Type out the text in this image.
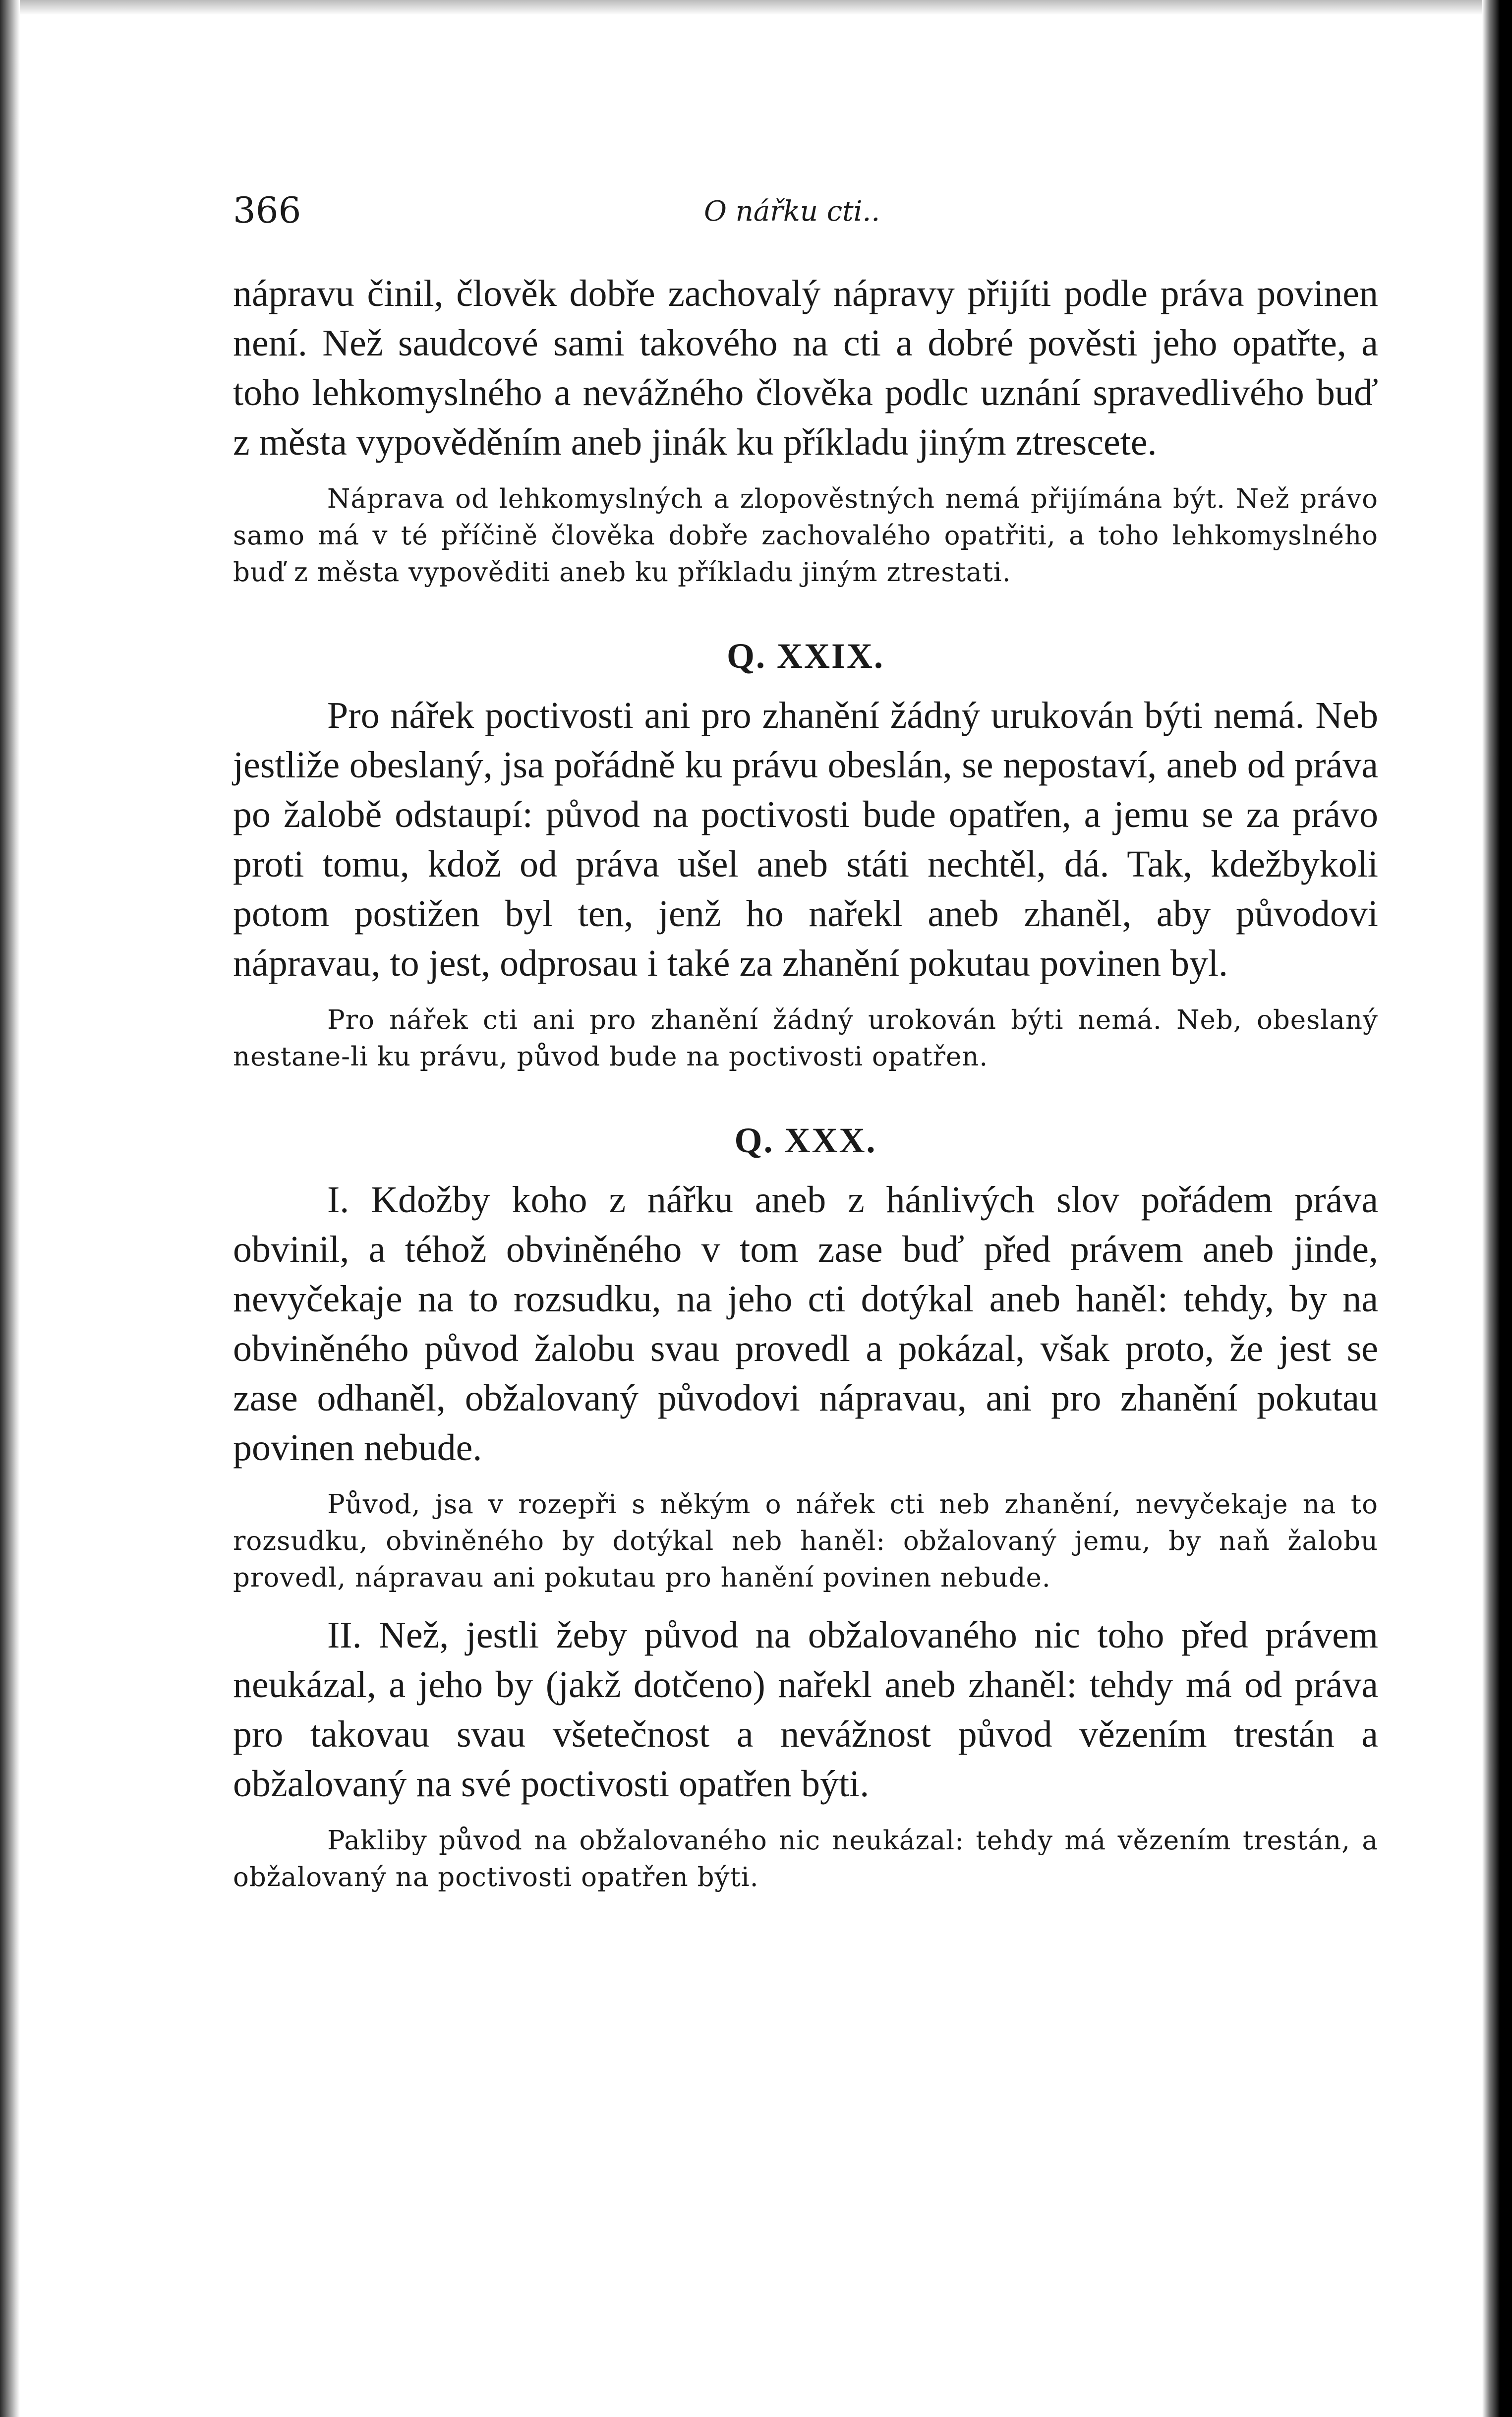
366	O nářku cti..

nápravu činil, člověk dobře zachovalý nápravy přijíti podle práva povinen není. Než saudcové sami takového na cti a dobré pověsti jeho opatřte, a toho lehkomyslného a nevážného člověka podlc uznání spravedlivého buď z města vypověděním aneb jinák ku příkladu jiným ztrescete.

Náprava od lehkomyslných a zlopověstných nemá přijímána být. Než právo samo má v té příčině člověka dobře zachovalého opatřiti, a toho lehkomyslného buď z města vypověditi aneb ku příkladu jiným ztrestati.

Q. XXIX.

Pro nářek poctivosti ani pro zhanění žádný urukován býti nemá. Neb jestliže obeslaný, jsa pořádně ku právu obeslán, se nepostaví, aneb od práva po žalobě odstaupí: původ na poctivosti bude opatřen, a jemu se za právo proti tomu, kdož od práva ušel aneb státi nechtěl, dá. Tak, kdežbykoli potom postižen byl ten, jenž ho nařekl aneb zhaněl, aby původovi nápravau, to jest, odprosau i také za zhanění pokutau povinen byl.

Pro nářek cti ani pro zhanění žádný urokován býti nemá. Neb, obeslaný nestane-li ku právu, původ bude na poctivosti opatřen.

Q. XXX.

I. Kdožby koho z nářku aneb z hánlivých slov pořádem práva obvinil, a téhož obviněného v tom zase buď před právem aneb jinde, nevyčekaje na to rozsudku, na jeho cti dotýkal aneb haněl: tehdy, by na obviněného původ žalobu svau provedl a pokázal, však proto, že jest se zase odhaněl, obžalovaný původovi nápravau, ani pro zhanění pokutau povinen nebude.

Původ, jsa v rozepři s někým o nářek cti neb zhanění, nevyčekaje na to rozsudku, obviněného by dotýkal neb haněl: obžalovaný jemu, by naň žalobu provedl, nápravau ani pokutau pro hanění povinen nebude.

II. Než, jestli žeby původ na obžalovaného nic toho před právem neukázal, a jeho by (jakž dotčeno) nařekl aneb zhaněl: tehdy má od práva pro takovau svau všetečnost a nevážnost původ vězením trestán a obžalovaný na své poctivosti opatřen býti.

Pakliby původ na obžalovaného nic neukázal: tehdy má vězením trestán, a obžalovaný na poctivosti opatřen býti.
